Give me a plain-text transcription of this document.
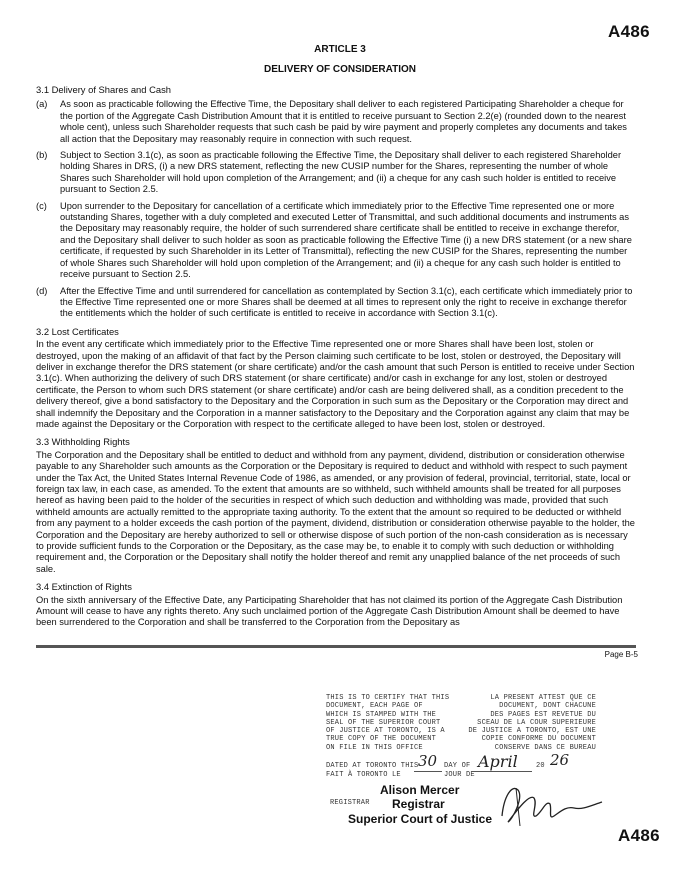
A486
ARTICLE 3
DELIVERY OF CONSIDERATION
3.1 Delivery of Shares and Cash
(a)	As soon as practicable following the Effective Time, the Depositary shall deliver to each registered Participating Shareholder a cheque for the portion of the Aggregate Cash Distribution Amount that it is entitled to receive pursuant to Section 2.2(e) (rounded down to the nearest whole cent), unless such Shareholder requests that such cash be paid by wire payment and properly completes any documents and takes all action that the Depositary may reasonably require in connection with such request.
(b)	Subject to Section 3.1(c), as soon as practicable following the Effective Time, the Depositary shall deliver to each registered Shareholder holding Shares in DRS, (i) a new DRS statement, reflecting the new CUSIP number for the Shares, representing the number of whole Shares such Shareholder will hold upon completion of the Arrangement; and (ii) a cheque for any cash such holder is entitled to receive pursuant to Section 2.5.
(c)	Upon surrender to the Depositary for cancellation of a certificate which immediately prior to the Effective Time represented one or more outstanding Shares, together with a duly completed and executed Letter of Transmittal, and such additional documents and instruments as the Depositary may reasonably require, the holder of such surrendered share certificate shall be entitled to receive in exchange therefor, and the Depositary shall deliver to such holder as soon as practicable following the Effective Time (i) a new DRS statement (or a new share certificate, if requested by such Shareholder in its Letter of Transmittal), reflecting the new CUSIP for the Shares, representing the number of whole Shares such Shareholder will hold upon completion of the Arrangement; and (ii) a cheque for any cash such holder is entitled to receive pursuant to Section 2.5.
(d)	After the Effective Time and until surrendered for cancellation as contemplated by Section 3.1(c), each certificate which immediately prior to the Effective Time represented one or more Shares shall be deemed at all times to represent only the right to receive in exchange therefor the entitlements which the holder of such certificate is entitled to receive in accordance with Section 3.1(c).
3.2 Lost Certificates
In the event any certificate which immediately prior to the Effective Time represented one or more Shares shall have been lost, stolen or destroyed, upon the making of an affidavit of that fact by the Person claiming such certificate to be lost, stolen or destroyed, the Depositary will deliver in exchange therefor the DRS statement (or share certificate) and/or the cash amount that such Person is entitled to receive under Section 3.1(c). When authorizing the delivery of such DRS statement (or share certificate) and/or cash in exchange for any lost, stolen or destroyed certificate, the Person to whom such DRS statement (or share certificate) and/or cash are being delivered shall, as a condition precedent to the delivery thereof, give a bond satisfactory to the Depositary and the Corporation in such sum as the Depositary or the Corporation may direct and shall indemnify the Depositary and the Corporation in a manner satisfactory to the Depositary and the Corporation against any claim that may be made against the Depositary or the Corporation with respect to the certificate alleged to have been lost, stolen or destroyed.
3.3 Withholding Rights
The Corporation and the Depositary shall be entitled to deduct and withhold from any payment, dividend, distribution or consideration otherwise payable to any Shareholder such amounts as the Corporation or the Depositary is required to deduct and withhold with respect to such payment under the Tax Act, the United States Internal Revenue Code of 1986, as amended, or any provision of federal, provincial, territorial, state, local or foreign tax law, in each case, as amended. To the extent that amounts are so withheld, such withheld amounts shall be treated for all purposes hereof as having been paid to the holder of the securities in respect of which such deduction and withholding was made, provided that such withheld amounts are actually remitted to the appropriate taxing authority. To the extent that the amount so required to be deducted or withheld from any payment to a holder exceeds the cash portion of the payment, dividend, distribution or consideration otherwise payable to the holder, the Corporation and the Depositary are hereby authorized to sell or otherwise dispose of such portion of the non-cash consideration as is necessary to provide sufficient funds to the Corporation or the Depositary, as the case may be, to enable it to comply with such deduction or withholding requirement and, the Corporation or the Depositary shall notify the holder thereof and remit any unapplied balance of the net proceeds of such sale.
3.4 Extinction of Rights
On the sixth anniversary of the Effective Date, any Participating Shareholder that has not claimed its portion of the Aggregate Cash Distribution Amount will cease to have any rights thereto. Any such unclaimed portion of the Aggregate Cash Distribution Amount shall be deemed to have been surrendered to the Corporation and shall be transferred to the Corporation from the Depositary as
Page B-5
THIS IS TO CERTIFY THAT THIS
DOCUMENT, EACH PAGE OF
WHICH IS STAMPED WITH THE
SEAL OF THE SUPERIOR COURT
OF JUSTICE AT TORONTO, IS A
TRUE COPY OF THE DOCUMENT
ON FILE IN THIS OFFICE
LA PRESENT ATTEST QUE CE
DOCUMENT, DONT CHACUNE
DES PAGES EST REVETUE DU
SCEAU DE LA COUR SUPERIEURE
DE JUSTICE A TORONTO, EST UNE
COPIE CONFORME DU DOCUMENT
CONSERVE DANS CE BUREAU
DATED AT TORONTO THIS
FAIT À TORONTO LE
30 DAY OF
JOUR DE
April	20 26
Alison Mercer
REGISTRAR Registrar
Superior Court of Justice
A486
